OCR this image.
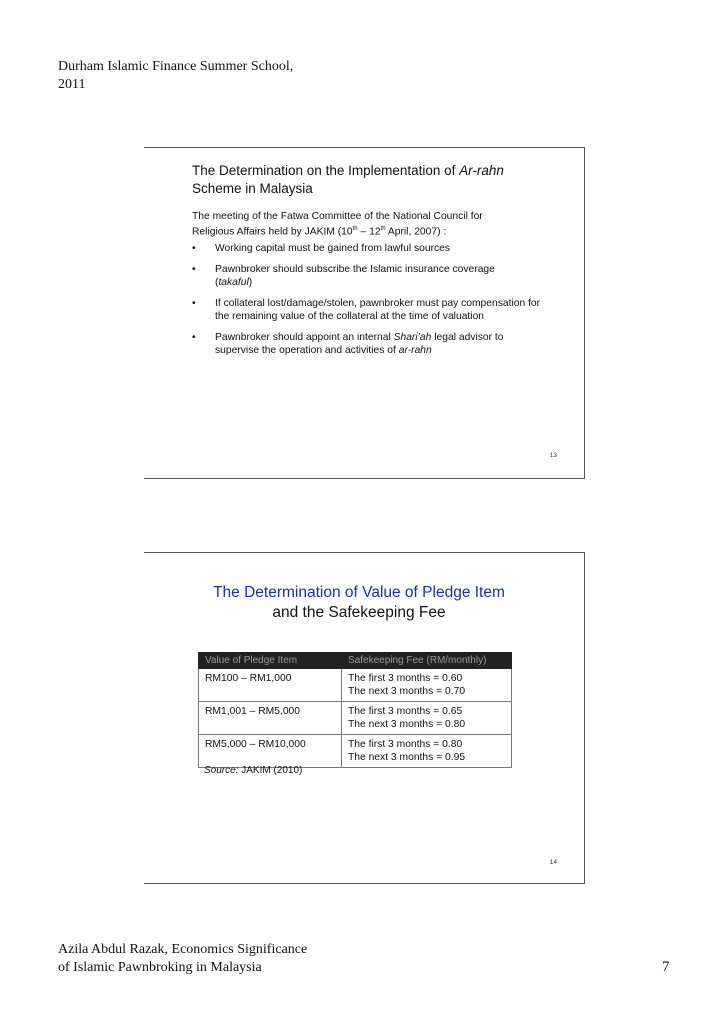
Durham Islamic Finance Summer School,
2011
The Determination on the Implementation of Ar-rahn
Scheme in Malaysia
The meeting of the Fatwa Committee of the National Council for
Religious Affairs held by JAKIM (10th – 12th April, 2007) :
• Working capital must be gained from lawful sources
• Pawnbroker should subscribe the Islamic insurance coverage
(takaful)
• If collateral lost/damage/stolen, pawnbroker must pay compensation for the remaining value of the collateral at the time of valuation
• Pawnbroker should appoint an internal Shari’ah legal advisor to supervise the operation and activities of ar-rahn
13
The Determination of Value of Pledge Item
and the Safekeeping Fee
Value of Pledge Item	Safekeeping Fee (RM/monthly)
RM100 – RM1,000	The first 3 months = 0.60
The next 3 months = 0.70

RM1,001 – RM5,000	The first 3 months = 0.65
The next 3 months = 0.80

RM5,000 – RM10,000	The first 3 months = 0.80
The next 3 months = 0.95
Source: JAKIM (2010)
14
Azila Abdul Razak, Economics Significance
of Islamic Pawnbroking in Malaysia	7
